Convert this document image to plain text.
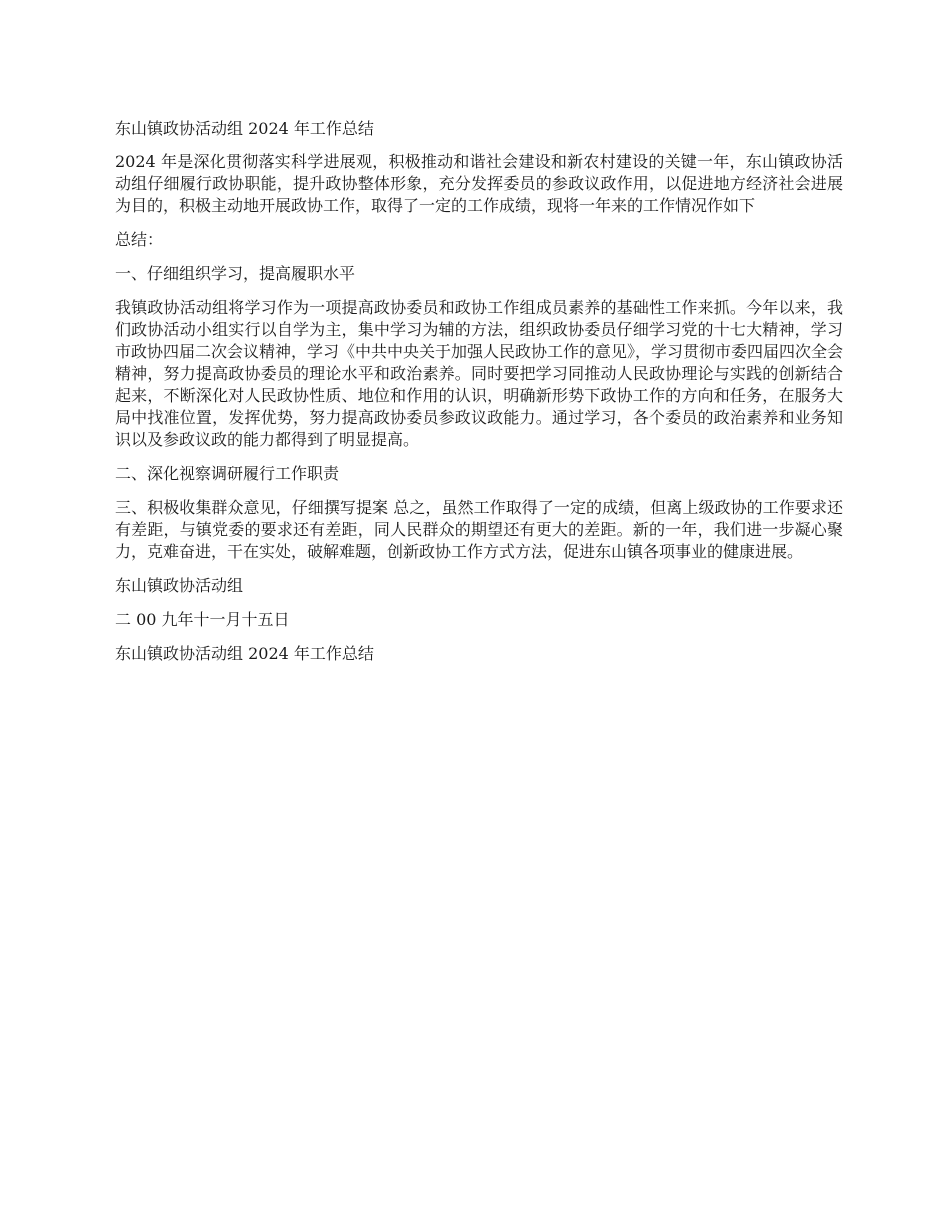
东山镇政协活动组 2024 年工作总结

2024 年是深化贯彻落实科学进展观，积极推动和谐社会建设和新农村建设的关键一年，东山镇政协活动组仔细履行政协职能，提升政协整体形象，充分发挥委员的参政议政作用，以促进地方经济社会进展为目的，积极主动地开展政协工作，取得了一定的工作成绩，现将一年来的工作情况作如下

总结：

一、仔细组织学习，提高履职水平

我镇政协活动组将学习作为一项提高政协委员和政协工作组成员素养的基础性工作来抓。今年以来，我们政协活动小组实行以自学为主，集中学习为辅的方法，组织政协委员仔细学习党的十七大精神，学习市政协四届二次会议精神，学习《中共中央关于加强人民政协工作的意见》，学习贯彻市委四届四次全会精神，努力提高政协委员的理论水平和政治素养。同时要把学习同推动人民政协理论与实践的创新结合起来，不断深化对人民政协性质、地位和作用的认识，明确新形势下政协工作的方向和任务，在服务大局中找准位置，发挥优势，努力提高政协委员参政议政能力。通过学习，各个委员的政治素养和业务知识以及参政议政的能力都得到了明显提高。

二、深化视察调研履行工作职责

三、积极收集群众意见，仔细撰写提案 总之，虽然工作取得了一定的成绩，但离上级政协的工作要求还有差距，与镇党委的要求还有差距，同人民群众的期望还有更大的差距。新的一年，我们进一步凝心聚力，克难奋进，干在实处，破解难题，创新政协工作方式方法，促进东山镇各项事业的健康进展。

东山镇政协活动组

二 00 九年十一月十五日

东山镇政协活动组 2024 年工作总结
